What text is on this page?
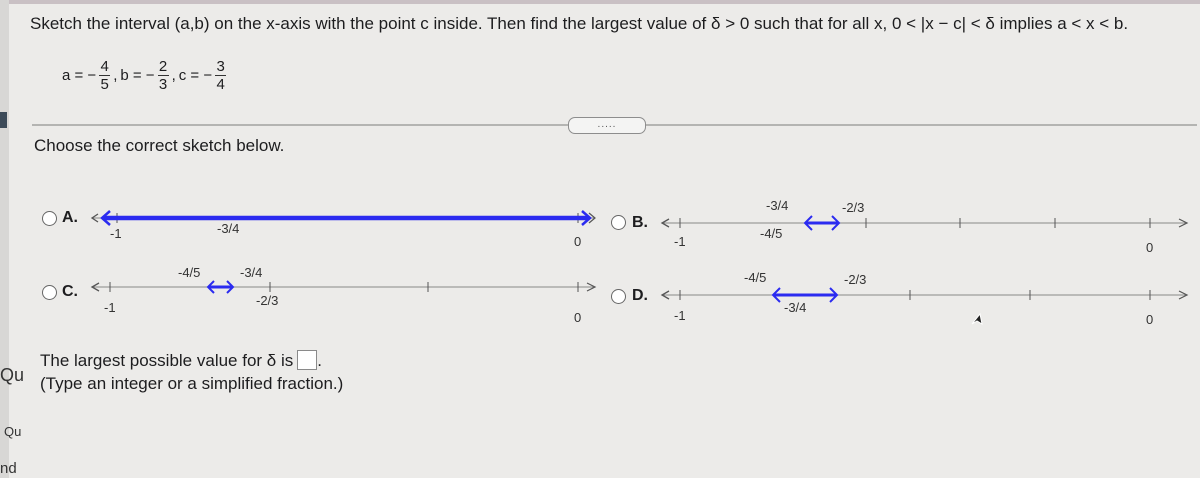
Qu
Qu
nd
Sketch the interval (a,b) on the x-axis with the point c inside. Then find the largest value of δ > 0 such that for all x, 0 < |x − c| < δ implies a < x < b.
a = − $\frac{4}{5}$ , b = − $\frac{2}{3}$ , c = − $\frac{3}{4}$
.....
Choose the correct sketch below.
A.
-1	-3/4
0
B.
-1
-3/4
-4/5
-2/3
0
C.
-1
-4/5	-3/4
-2/3
0
D.
-1
-4/5	-2/3
-3/4
0
The largest possible value for δ is .
(Type an integer or a simplified fraction.)
